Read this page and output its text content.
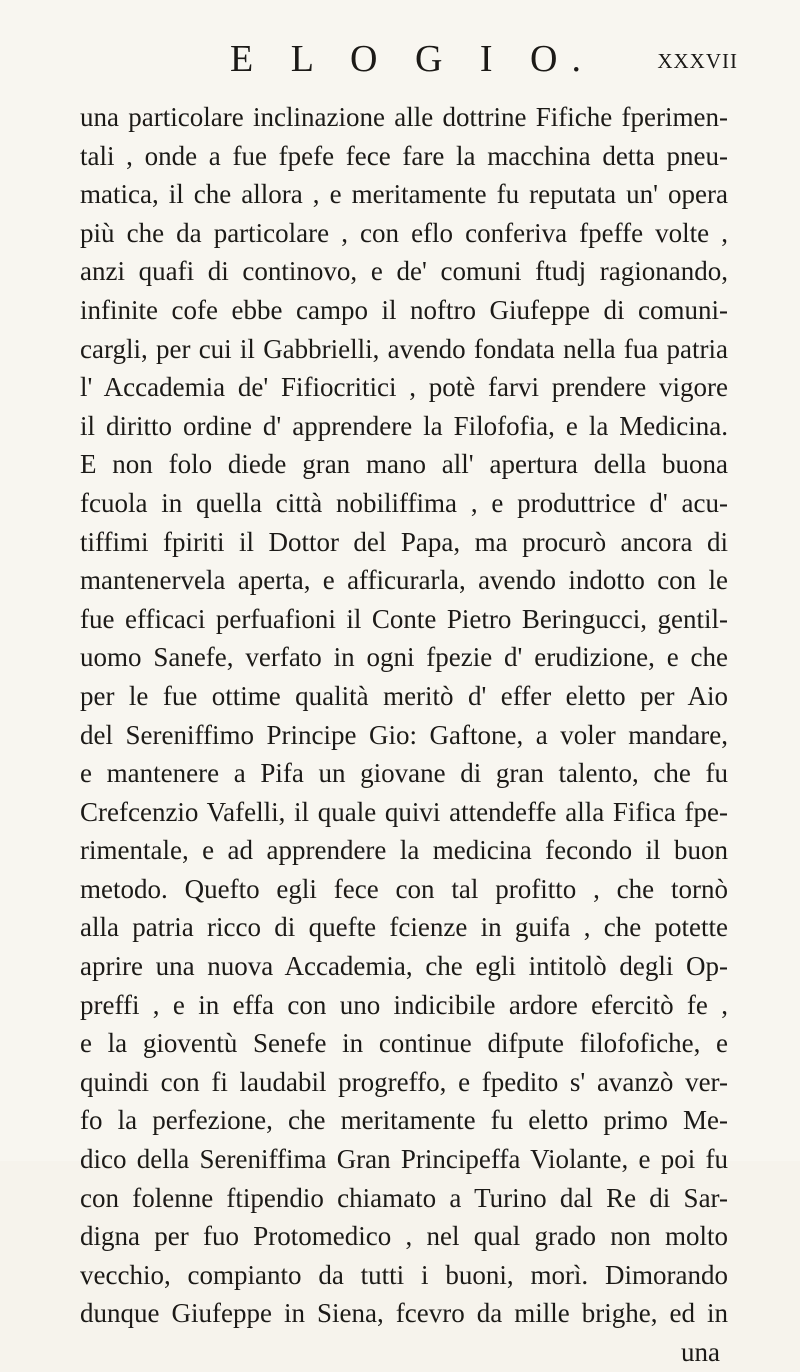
E L O G I O.	XXXVII
una particolare inclinazione alle dottrine Fifiche fperimen-
tali , onde a fue fpefe fece fare la macchina detta pneu-
matica, il che allora , e meritamente fu reputata un' opera
più che da particolare , con eflo conferiva fpeffe volte ,
anzi quafi di continovo, e de' comuni ftudj ragionando,
infinite cofe ebbe campo il noftro Giufeppe di comuni-
cargli, per cui il Gabbrielli, avendo fondata nella fua patria
l' Accademia de' Fifiocritici , potè farvi prendere vigore
il diritto ordine d' apprendere la Filofofia, e la Medicina.
E non folo diede gran mano all' apertura della buona
fcuola in quella città nobiliffima , e produttrice d' acu-
tiffimi fpiriti il Dottor del Papa, ma procurò ancora di
mantenervela aperta, e afficurarla, avendo indotto con le
fue efficaci perfuafioni il Conte Pietro Beringucci, gentil-
uomo Sanefe, verfato in ogni fpezie d' erudizione, e che
per le fue ottime qualità meritò d' effer eletto per Aio
del Sereniffimo Principe Gio: Gaftone, a voler mandare,
e mantenere a Pifa un giovane di gran talento, che fu
Crefcenzio Vafelli, il quale quivi attendeffe alla Fifica fpe-
rimentale, e ad apprendere la medicina fecondo il buon
metodo. Quefto egli fece con tal profitto , che tornò
alla patria ricco di quefte fcienze in guifa , che potette
aprire una nuova Accademia, che egli intitolò degli Op-
preffi , e in effa con uno indicibile ardore efercitò fe ,
e la gioventù Senefe in continue difpute filofofiche, e
quindi con fi laudabil progreffo, e fpedito s' avanzò ver-
fo la perfezione, che meritamente fu eletto primo Me-
dico della Sereniffima Gran Principeffa Violante, e poi fu
con folenne ftipendio chiamato a Turino dal Re di Sar-
digna per fuo Protomedico , nel qual grado non molto
vecchio, compianto da tutti i buoni, morì. Dimorando
dunque Giufeppe in Siena, fcevro da mille brighe, ed in
una
